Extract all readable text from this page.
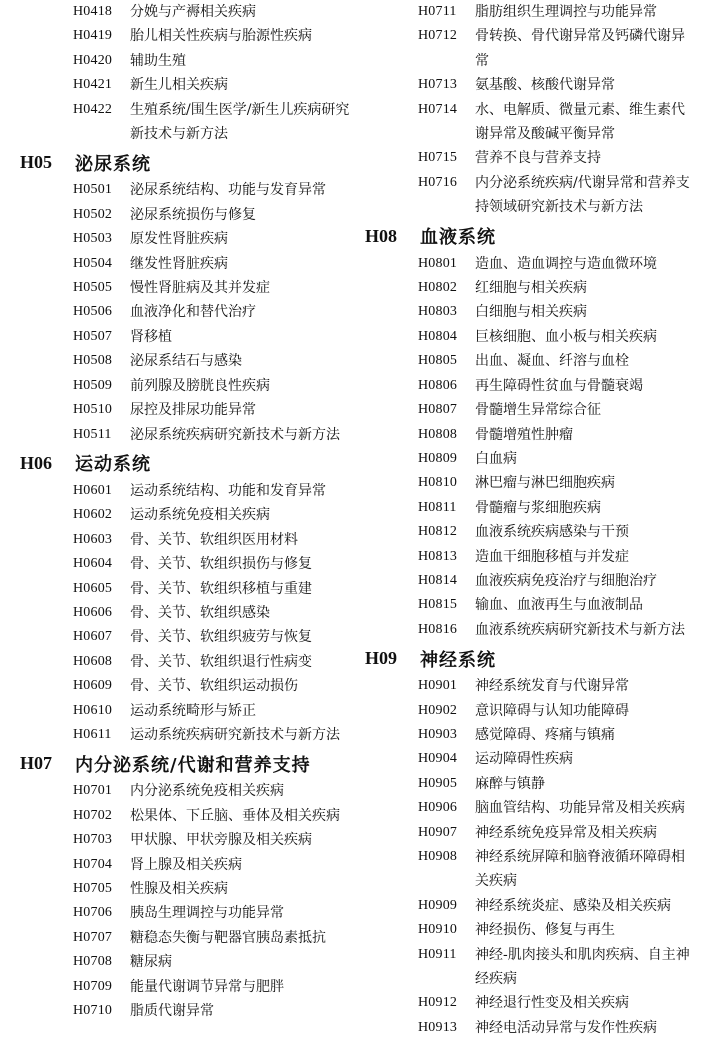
H0418	分娩与产褥相关疾病
H0419	胎儿相关性疾病与胎源性疾病
H0420	辅助生殖
H0421	新生儿相关疾病
H0422	生殖系统/围生医学/新生儿疾病研究新技术与新方法
H05	泌尿系统
H0501	泌尿系统结构、功能与发育异常
H0502	泌尿系统损伤与修复
H0503	原发性肾脏疾病
H0504	继发性肾脏疾病
H0505	慢性肾脏病及其并发症
H0506	血液净化和替代治疗
H0507	肾移植
H0508	泌尿系结石与感染
H0509	前列腺及膀胱良性疾病
H0510	尿控及排尿功能异常
H0511	泌尿系统疾病研究新技术与新方法
H06	运动系统
H0601	运动系统结构、功能和发育异常
H0602	运动系统免疫相关疾病
H0603	骨、关节、软组织医用材料
H0604	骨、关节、软组织损伤与修复
H0605	骨、关节、软组织移植与重建
H0606	骨、关节、软组织感染
H0607	骨、关节、软组织疲劳与恢复
H0608	骨、关节、软组织退行性病变
H0609	骨、关节、软组织运动损伤
H0610	运动系统畸形与矫正
H0611	运动系统疾病研究新技术与新方法
H07	内分泌系统/代谢和营养支持
H0701	内分泌系统免疫相关疾病
H0702	松果体、下丘脑、垂体及相关疾病
H0703	甲状腺、甲状旁腺及相关疾病
H0704	肾上腺及相关疾病
H0705	性腺及相关疾病
H0706	胰岛生理调控与功能异常
H0707	糖稳态失衡与靶器官胰岛素抵抗
H0708	糖尿病
H0709	能量代谢调节异常与肥胖
H0710	脂质代谢异常
H0711	脂肪组织生理调控与功能异常
H0712	骨转换、骨代谢异常及钙磷代谢异常
H0713	氨基酸、核酸代谢异常
H0714	水、电解质、微量元素、维生素代谢异常及酸碱平衡异常
H0715	营养不良与营养支持
H0716	内分泌系统疾病/代谢异常和营养支持领域研究新技术与新方法
H08	血液系统
H0801	造血、造血调控与造血微环境
H0802	红细胞与相关疾病
H0803	白细胞与相关疾病
H0804	巨核细胞、血小板与相关疾病
H0805	出血、凝血、纤溶与血栓
H0806	再生障碍性贫血与骨髓衰竭
H0807	骨髓增生异常综合征
H0808	骨髓增殖性肿瘤
H0809	白血病
H0810	淋巴瘤与淋巴细胞疾病
H0811	骨髓瘤与浆细胞疾病
H0812	血液系统疾病感染与干预
H0813	造血干细胞移植与并发症
H0814	血液疾病免疫治疗与细胞治疗
H0815	输血、血液再生与血液制品
H0816	血液系统疾病研究新技术与新方法
H09	神经系统
H0901	神经系统发育与代谢异常
H0902	意识障碍与认知功能障碍
H0903	感觉障碍、疼痛与镇痛
H0904	运动障碍性疾病
H0905	麻醉与镇静
H0906	脑血管结构、功能异常及相关疾病
H0907	神经系统免疫异常及相关疾病
H0908	神经系统屏障和脑脊液循环障碍相关疾病
H0909	神经系统炎症、感染及相关疾病
H0910	神经损伤、修复与再生
H0911	神经-肌肉接头和肌肉疾病、自主神经疾病
H0912	神经退行性变及相关疾病
H0913	神经电活动异常与发作性疾病
